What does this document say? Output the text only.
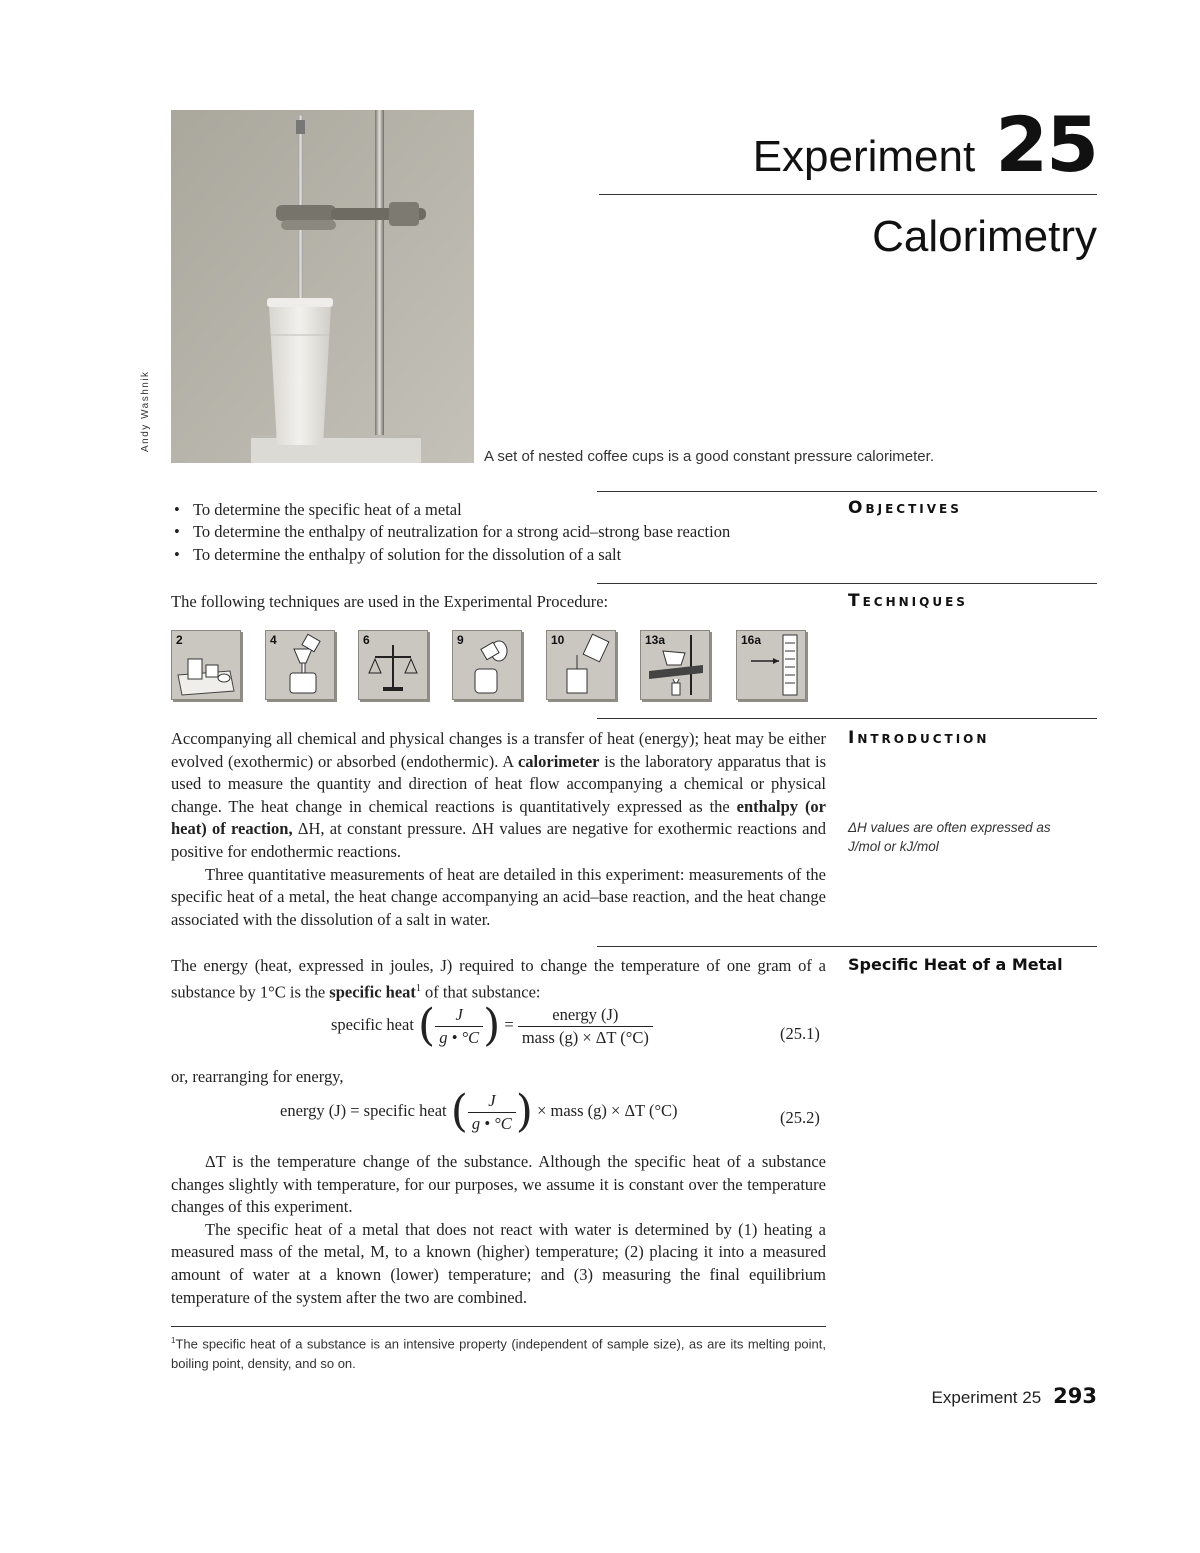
Andy Washnik
A set of nested coffee cups is a good constant pressure calorimeter.
Experiment 25
Calorimetry
Objectives
• To determine the specific heat of a metal
• To determine the enthalpy of neutralization for a strong acid–strong base reaction
• To determine the enthalpy of solution for the dissolution of a salt
Techniques
The following techniques are used in the Experimental Procedure:
2	4	6	9	10	13a	16a
Introduction

Accompanying all chemical and physical changes is a transfer of heat (energy); heat may be either evolved (exothermic) or absorbed (endothermic). A calorimeter is the laboratory apparatus that is used to measure the quantity and direction of heat flow accompanying a chemical or physical change. The heat change in chemical reactions is quantitatively expressed as the enthalpy (or heat) of reaction, ΔH, at constant pressure. ΔH values are negative for exothermic reactions and positive for endothermic reactions.

Three quantitative measurements of heat are detailed in this experiment: measurements of the specific heat of a metal, the heat change accompanying an acid–base reaction, and the heat change associated with the dissolution of a salt in water.

ΔH values are often expressed as J/mol or kJ/mol
Specific Heat of a Metal

The energy (heat, expressed in joules, J) required to change the temperature of one gram of a substance by 1°C is the specific heat$^1$ of that substance:

specific heat ( $\frac{J}{g • ^\circ C}$ ) = $\frac{\text{energy (J)}}{\text{mass (g) × ΔT (°C)}}$	(25.1)
or, rearranging for energy,
energy (J) = specific heat ( $\frac{J}{g • ^\circ C}$ ) × mass (g) × ΔT (°C)	(25.2)

ΔT is the temperature change of the substance. Although the specific heat of a substance changes slightly with temperature, for our purposes, we assume it is constant over the temperature changes of this experiment.

The specific heat of a metal that does not react with water is determined by (1) heating a measured mass of the metal, M, to a known (higher) temperature; (2) placing it into a measured amount of water at a known (lower) temperature; and (3) measuring the final equilibrium temperature of the system after the two are combined.

$^1$The specific heat of a substance is an intensive property (independent of sample size), as are its melting point, boiling point, density, and so on.
Experiment 25 293
